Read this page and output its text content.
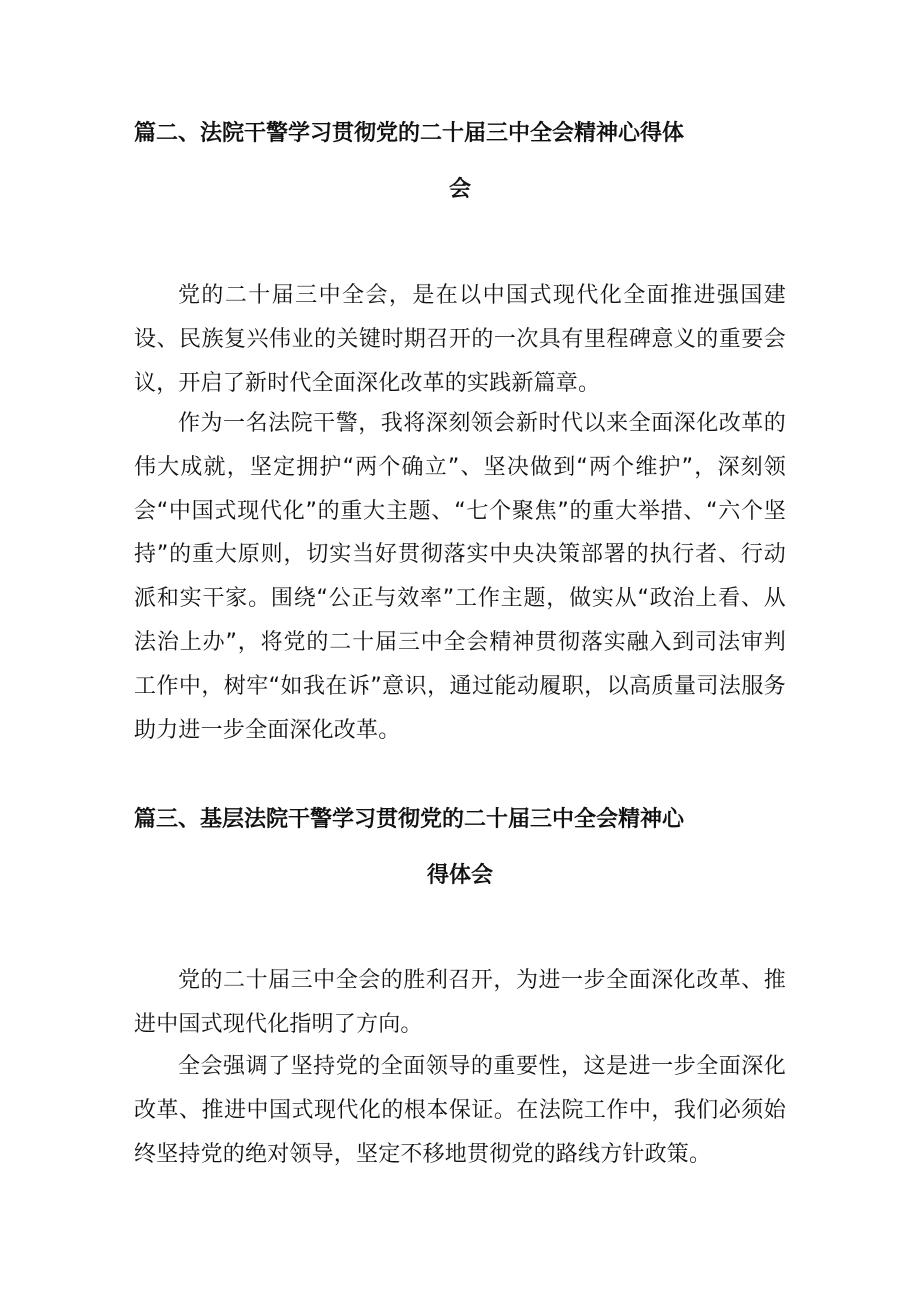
篇二、法院干警学习贯彻党的二十届三中全会精神心得体
会

党的二十届三中全会，是在以中国式现代化全面推进强国建设、民族复兴伟业的关键时期召开的一次具有里程碑意义的重要会议，开启了新时代全面深化改革的实践新篇章。

作为一名法院干警，我将深刻领会新时代以来全面深化改革的伟大成就，坚定拥护“两个确立”、坚决做到“两个维护”，深刻领会“中国式现代化”的重大主题、“七个聚焦”的重大举措、“六个坚持”的重大原则，切实当好贯彻落实中央决策部署的执行者、行动派和实干家。围绕“公正与效率”工作主题，做实从“政治上看、从法治上办”，将党的二十届三中全会精神贯彻落实融入到司法审判工作中，树牢“如我在诉”意识，通过能动履职，以高质量司法服务助力进一步全面深化改革。

篇三、基层法院干警学习贯彻党的二十届三中全会精神心
得体会

党的二十届三中全会的胜利召开，为进一步全面深化改革、推进中国式现代化指明了方向。

全会强调了坚持党的全面领导的重要性，这是进一步全面深化改革、推进中国式现代化的根本保证。在法院工作中，我们必须始终坚持党的绝对领导，坚定不移地贯彻党的路线方针政策。
